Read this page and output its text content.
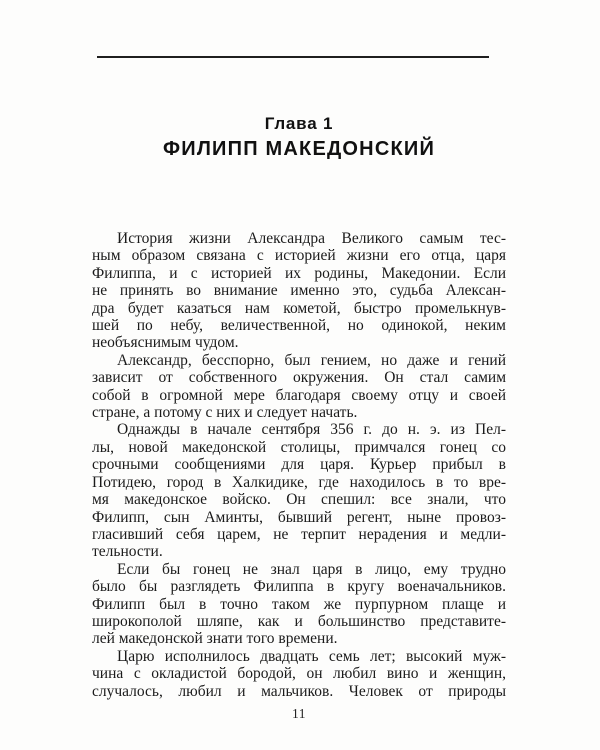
Глава 1
ФИЛИПП МАКЕДОНСКИЙ
История жизни Александра Великого самым тес-
ным образом связана с историей жизни его отца, царя
Филиппа, и с историей их родины, Македонии. Если
не принять во внимание именно это, судьба Алексан-
дра будет казаться нам кометой, быстро промелькнув-
шей по небу, величественной, но одинокой, неким
необъяснимым чудом.
Александр, бесспорно, был гением, но даже и гений
зависит от собственного окружения. Он стал самим
собой в огромной мере благодаря своему отцу и своей
стране, а потому с них и следует начать.
Однажды в начале сентября 356 г. до н. э. из Пел-
лы, новой македонской столицы, примчался гонец со
срочными сообщениями для царя. Курьер прибыл в
Потидею, город в Халкидике, где находилось в то вре-
мя македонское войско. Он спешил: все знали, что
Филипп, сын Аминты, бывший регент, ныне провоз-
гласивший себя царем, не терпит нерадения и медли-
тельности.
Если бы гонец не знал царя в лицо, ему трудно
было бы разглядеть Филиппа в кругу военачальников.
Филипп был в точно таком же пурпурном плаще и
широкополой шляпе, как и большинство представите-
лей македонской знати того времени.
Царю исполнилось двадцать семь лет; высокий муж-
чина с окладистой бородой, он любил вино и женщин,
случалось, любил и мальчиков. Человек от природы
11
